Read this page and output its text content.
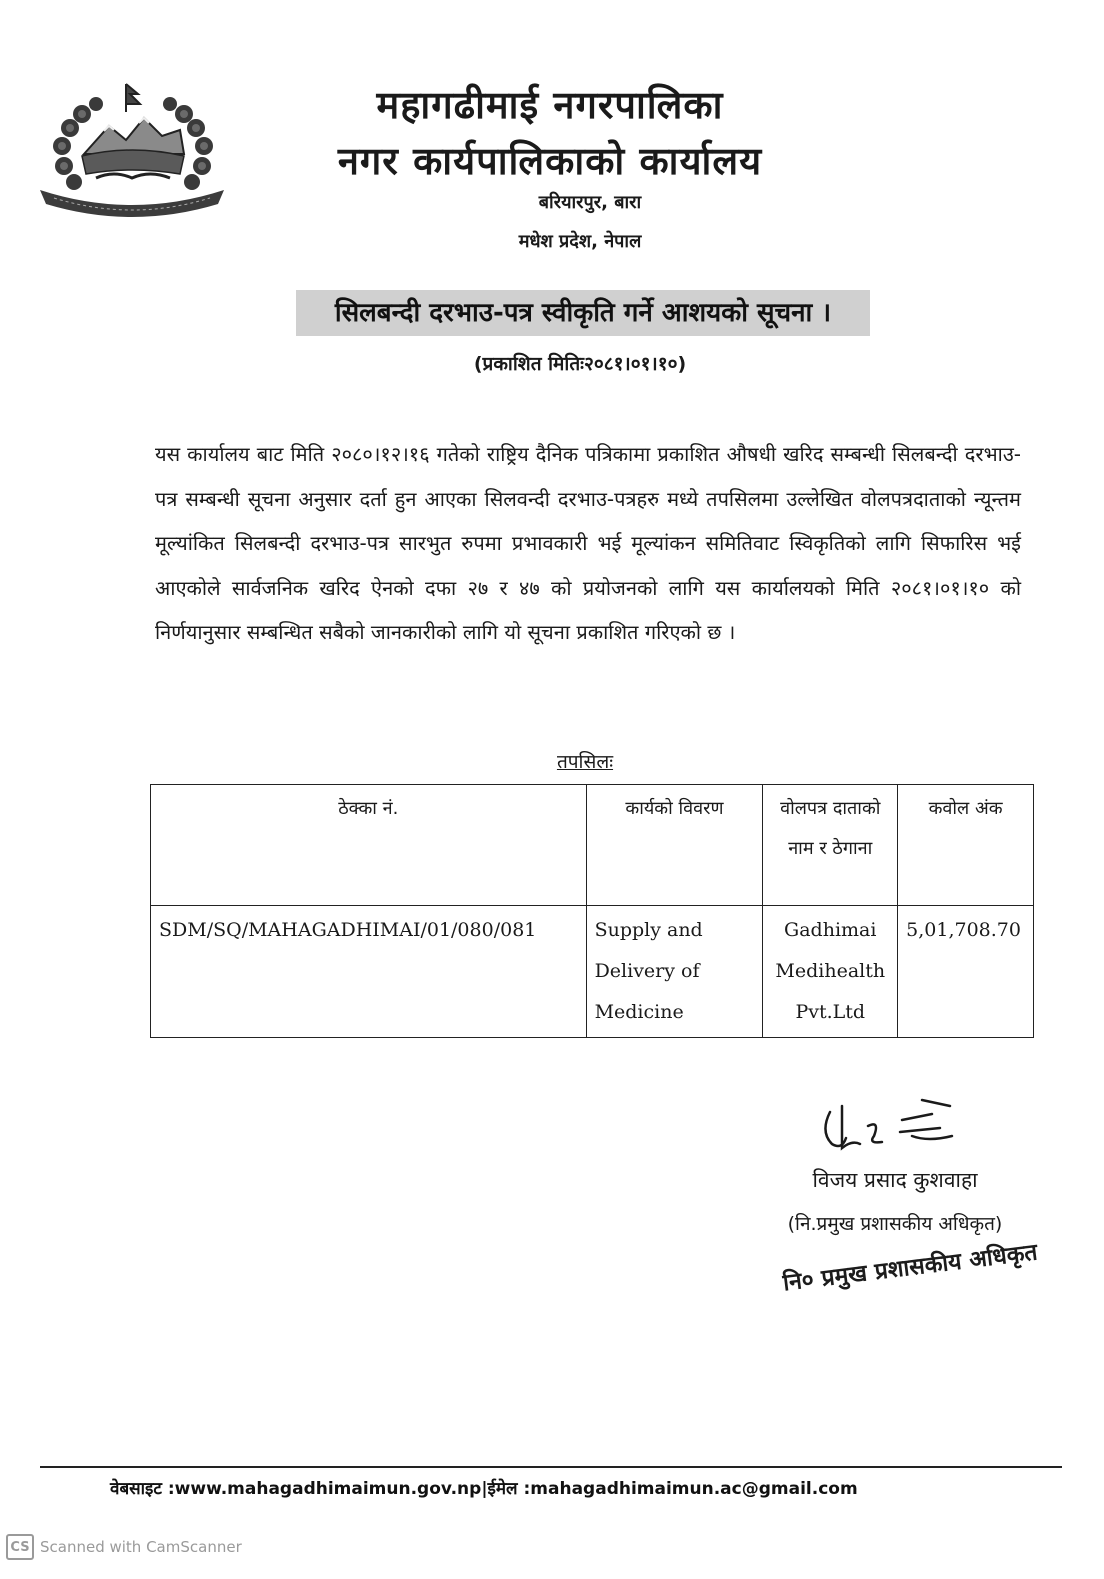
महागढीमाई नगरपालिका
नगर कार्यपालिकाको कार्यालय
बरियारपुर, बारा
मधेश प्रदेश, नेपाल
सिलबन्दी दरभाउ-पत्र स्वीकृति गर्ने आशयको सूचना ।
(प्रकाशित मितिः२०८१।०१।१०)
यस कार्यालय बाट मिति २०८०।१२।१६ गतेको राष्ट्रिय दैनिक पत्रिकामा प्रकाशित औषधी खरिद सम्बन्धी सिलबन्दी दरभाउ-पत्र सम्बन्धी सूचना अनुसार दर्ता हुन आएका सिलवन्दी दरभाउ-पत्रहरु मध्ये तपसिलमा उल्लेखित वोलपत्रदाताको न्यून्तम मूल्यांकित सिलबन्दी दरभाउ-पत्र सारभुत रुपमा प्रभावकारी भई मूल्यांकन समितिवाट स्विकृतिको लागि सिफारिस भई आएकोले सार्वजनिक खरिद ऐनको दफा २७ र ४७ को प्रयोजनको लागि यस कार्यालयको मिति २०८१।०१।१० को निर्णयानुसार सम्बन्धित सबैको जानकारीको लागि यो सूचना प्रकाशित गरिएको छ ।
तपसिलः
ठेक्का नं.	कार्यको विवरण	वोलपत्र दाताको नाम र ठेगाना	कवोल अंक
SDM/SQ/MAHAGADHIMAI/01/080/081	Supply and Delivery of Medicine	Gadhimai Medihealth Pvt.Ltd	5,01,708.70
विजय प्रसाद कुशवाहा
(नि.प्रमुख प्रशासकीय अधिकृत)
नि० प्रमुख प्रशासकीय अधिकृत
वेबसाइट :www.mahagadhimaimun.gov.np|ईमेल :mahagadhimaimun.ac@gmail.com
CS Scanned with CamScanner
